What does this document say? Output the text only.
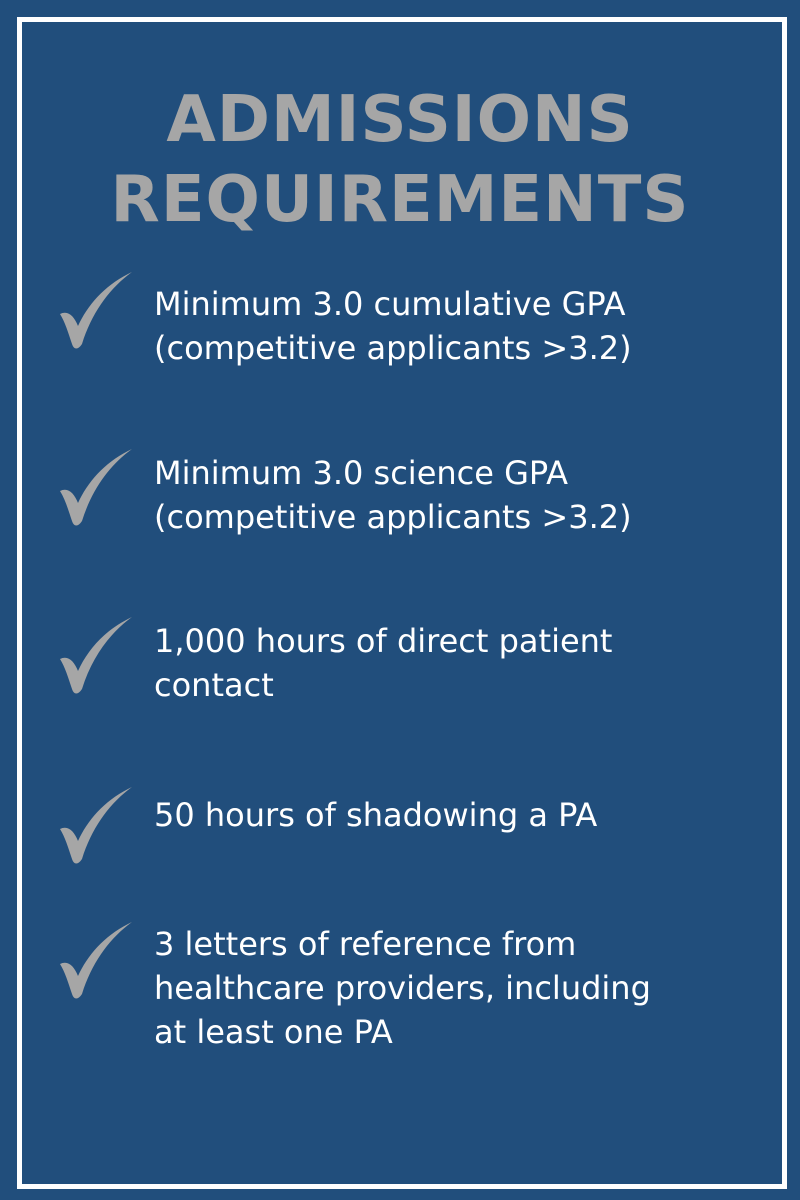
ADMISSIONS
REQUIREMENTS
Minimum 3.0 cumulative GPA
(competitive applicants >3.2)
Minimum 3.0 science GPA
(competitive applicants >3.2)
1,000 hours of direct patient
contact
50 hours of shadowing a PA
3 letters of reference from
healthcare providers, including
at least one PA
